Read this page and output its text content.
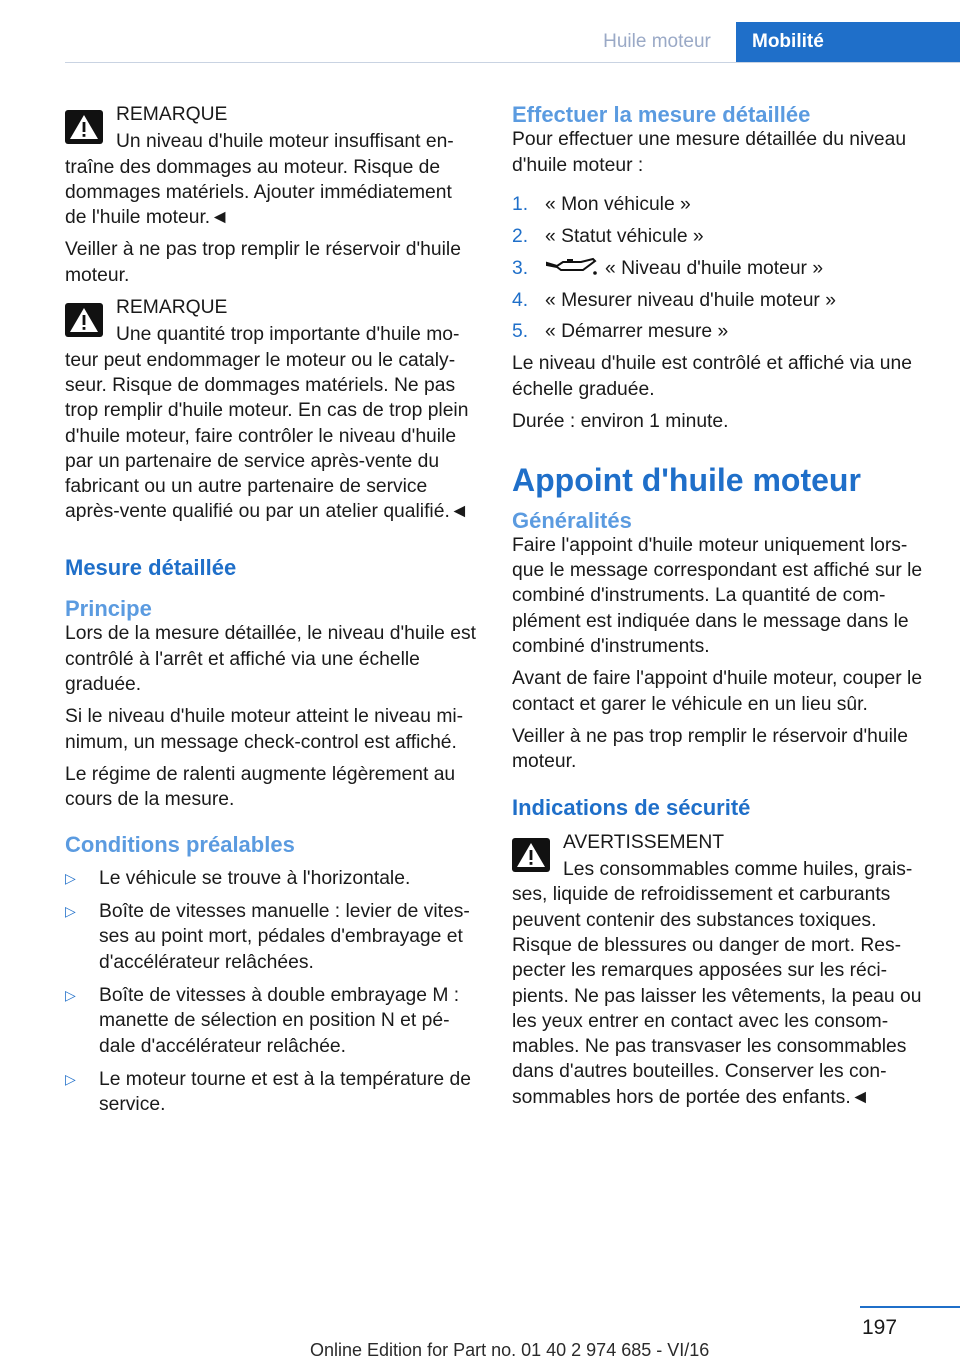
Huile moteur	Mobilité
REMARQUE
Un niveau d'huile moteur insuffisant en-traîne des dommages au moteur. Risque de dommages matériels. Ajouter immédiatement de l'huile moteur.◄

Veiller à ne pas trop remplir le réservoir d'huile moteur.

REMARQUE
Une quantité trop importante d'huile mo-teur peut endommager le moteur ou le cataly-seur. Risque de dommages matériels. Ne pas trop remplir d'huile moteur. En cas de trop plein d'huile moteur, faire contrôler le niveau d'huile par un partenaire de service après-vente du fabricant ou un autre partenaire de service après-vente qualifié ou par un atelier qualifié.◄
Mesure détaillée
Principe

Lors de la mesure détaillée, le niveau d'huile est contrôlé à l'arrêt et affiché via une échelle graduée.

Si le niveau d'huile moteur atteint le niveau mi-nimum, un message check-control est affiché.

Le régime de ralenti augmente légèrement au cours de la mesure.

Conditions préalables
▷ Le véhicule se trouve à l'horizontale.
▷ Boîte de vitesses manuelle : levier de vites-ses au point mort, pédales d'embrayage et d'accélérateur relâchées.
▷ Boîte de vitesses à double embrayage M : manette de sélection en position N et pé-dale d'accélérateur relâchée.
▷ Le moteur tourne et est à la température de service.
Effectuer la mesure détaillée

Pour effectuer une mesure détaillée du niveau d'huile moteur :

1. « Mon véhicule »
2. « Statut véhicule »
3.	« Niveau d'huile moteur »
4. « Mesurer niveau d'huile moteur »
5. « Démarrer mesure »

Le niveau d'huile est contrôlé et affiché via une échelle graduée.

Durée : environ 1 minute.

Appoint d'huile moteur
Généralités

Faire l'appoint d'huile moteur uniquement lors-que le message correspondant est affiché sur le combiné d'instruments. La quantité de com-plément est indiquée dans le message dans le combiné d'instruments.

Avant de faire l'appoint d'huile moteur, couper le contact et garer le véhicule en un lieu sûr.

Veiller à ne pas trop remplir le réservoir d'huile moteur.

Indications de sécurité
AVERTISSEMENT
Les consommables comme huiles, grais-ses, liquide de refroidissement et carburants peuvent contenir des substances toxiques. Risque de blessures ou danger de mort. Res-pecter les remarques apposées sur les réci-pients. Ne pas laisser les vêtements, la peau ou les yeux entrer en contact avec les consom-mables. Ne pas transvaser les consommables dans d'autres bouteilles. Conserver les con-sommables hors de portée des enfants.◄
197
Online Edition for Part no. 01 40 2 974 685 - VI/16
